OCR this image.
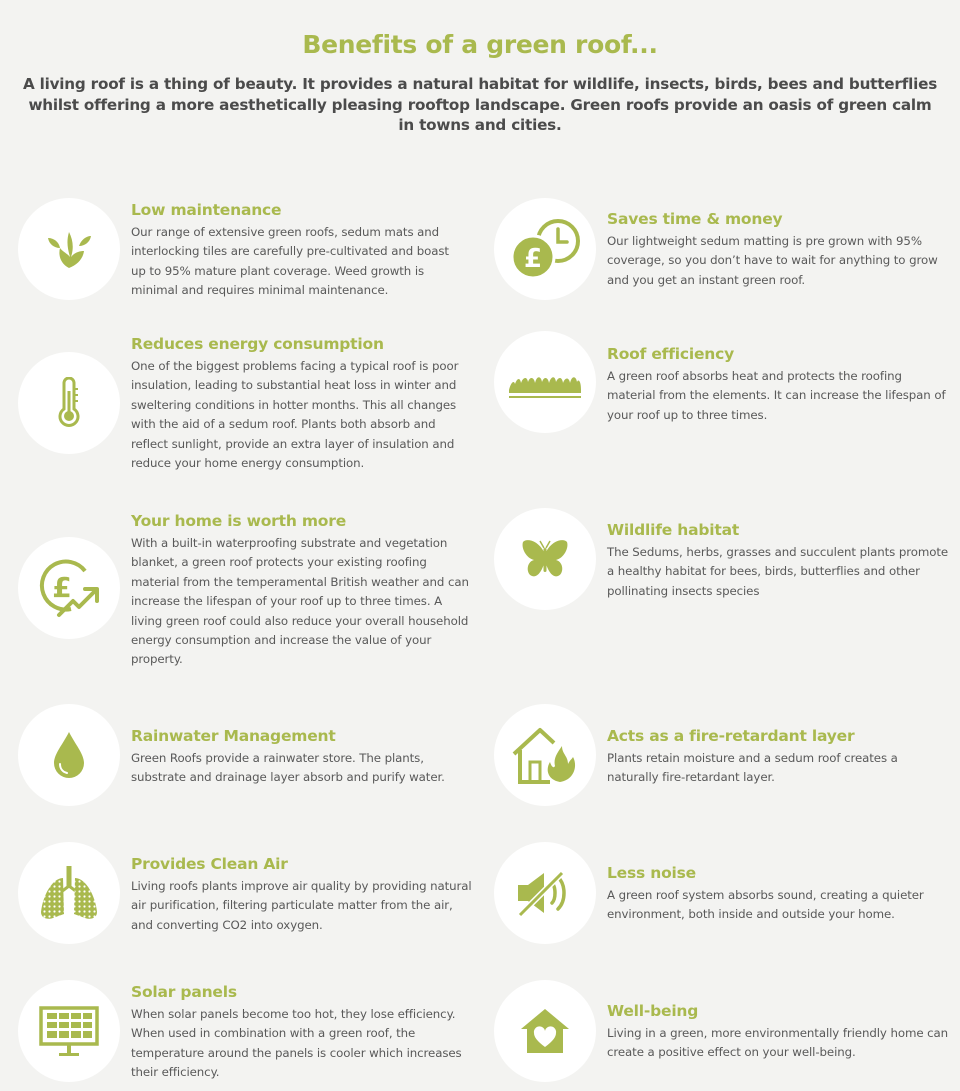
Benefits of a green roof...

A living roof is a thing of beauty. It provides a natural habitat for wildlife, insects, birds, bees and butterflies whilst offering a more aesthetically pleasing rooftop landscape. Green roofs provide an oasis of green calm in towns and cities.

Low maintenance
Our range of extensive green roofs, sedum mats and interlocking tiles are carefully pre-cultivated and boast up to 95% mature plant coverage. Weed growth is minimal and requires minimal maintenance.
£
Saves time & money
Our lightweight sedum matting is pre grown with 95% coverage, so you don’t have to wait for anything to grow and you get an instant green roof.
Reduces energy consumption
One of the biggest problems facing a typical roof is poor insulation, leading to substantial heat loss in winter and sweltering conditions in hotter months. This all changes with the aid of a sedum roof. Plants both absorb and reflect sunlight, provide an extra layer of insulation and reduce your home energy consumption.
Roof efficiency
A green roof absorbs heat and protects the roofing material from the elements. It can increase the lifespan of your roof up to three times.
£
Your home is worth more
With a built-in waterproofing substrate and vegetation blanket, a green roof protects your existing roofing material from the temperamental British weather and can increase the lifespan of your roof up to three times. A living green roof could also reduce your overall household energy consumption and increase the value of your property.
Wildlife habitat
The Sedums, herbs, grasses and succulent plants promote a healthy habitat for bees, birds, butterflies and other pollinating insects species
Rainwater Management
Green Roofs provide a rainwater store. The plants, substrate and drainage layer absorb and purify water.
Acts as a fire-retardant layer
Plants retain moisture and a sedum roof creates a naturally fire-retardant layer.
Provides Clean Air
Living roofs plants improve air quality by providing natural air purification, filtering particulate matter from the air, and converting CO2 into oxygen.
Less noise
A green roof system absorbs sound, creating a quieter environment, both inside and outside your home.
Solar panels
When solar panels become too hot, they lose efficiency. When used in combination with a green roof, the temperature around the panels is cooler which increases their efficiency.
Well-being
Living in a green, more environmentally friendly home can create a positive effect on your well-being.
